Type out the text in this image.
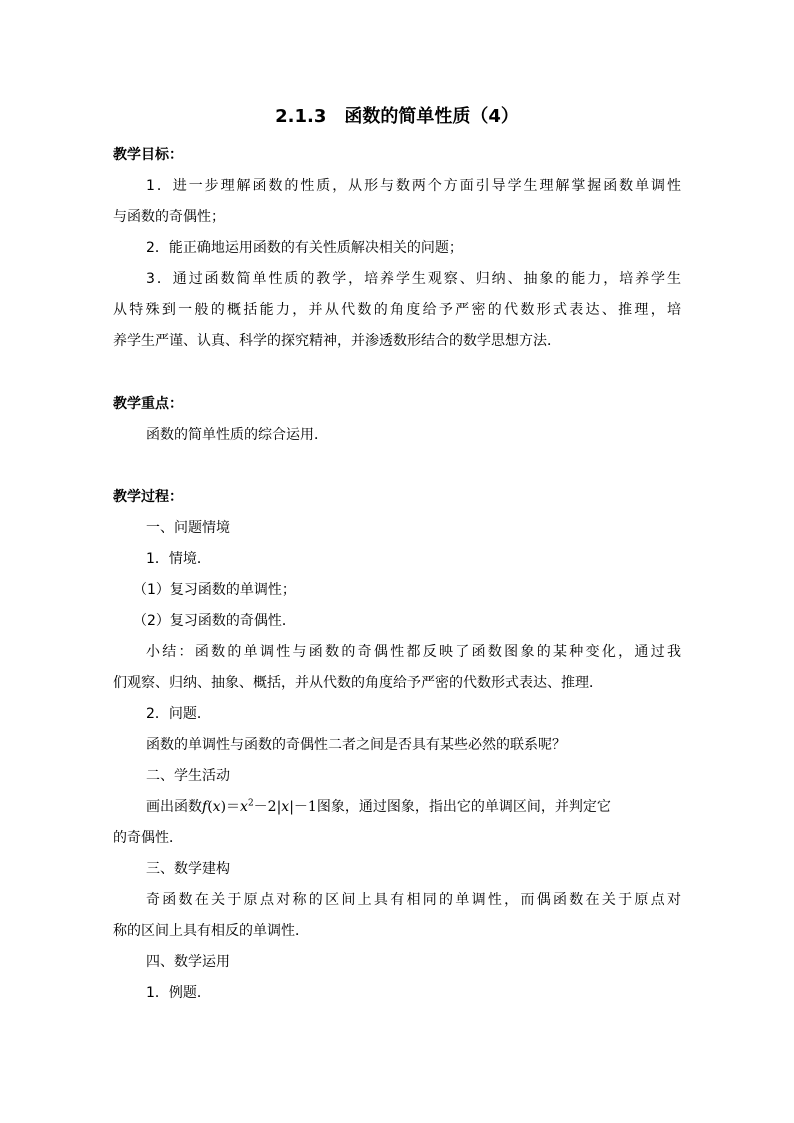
2.1.3　函数的简单性质（4）
教学目标：
1．进一步理解函数的性质，从形与数两个方面引导学生理解掌握函数单调性
与函数的奇偶性；
2．能正确地运用函数的有关性质解决相关的问题；
3．通过函数简单性质的教学，培养学生观察、归纳、抽象的能力，培养学生
从特殊到一般的概括能力，并从代数的角度给予严密的代数形式表达、推理，培
养学生严谨、认真、科学的探究精神，并渗透数形结合的数学思想方法．
教学重点：
函数的简单性质的综合运用．
教学过程：
一、问题情境
1．情境．
（1）复习函数的单调性；
（2）复习函数的奇偶性．
小结：函数的单调性与函数的奇偶性都反映了函数图象的某种变化，通过我
们观察、归纳、抽象、概括，并从代数的角度给予严密的代数形式表达、推理．
2．问题．
函数的单调性与函数的奇偶性二者之间是否具有某些必然的联系呢？
二、学生活动
画出函数$f(x)=x^2-2|x|-1$图象，通过图象，指出它的单调区间，并判定它
的奇偶性．
三、数学建构
奇函数在关于原点对称的区间上具有相同的单调性，而偶函数在关于原点对
称的区间上具有相反的单调性．
四、数学运用
1．例题．
